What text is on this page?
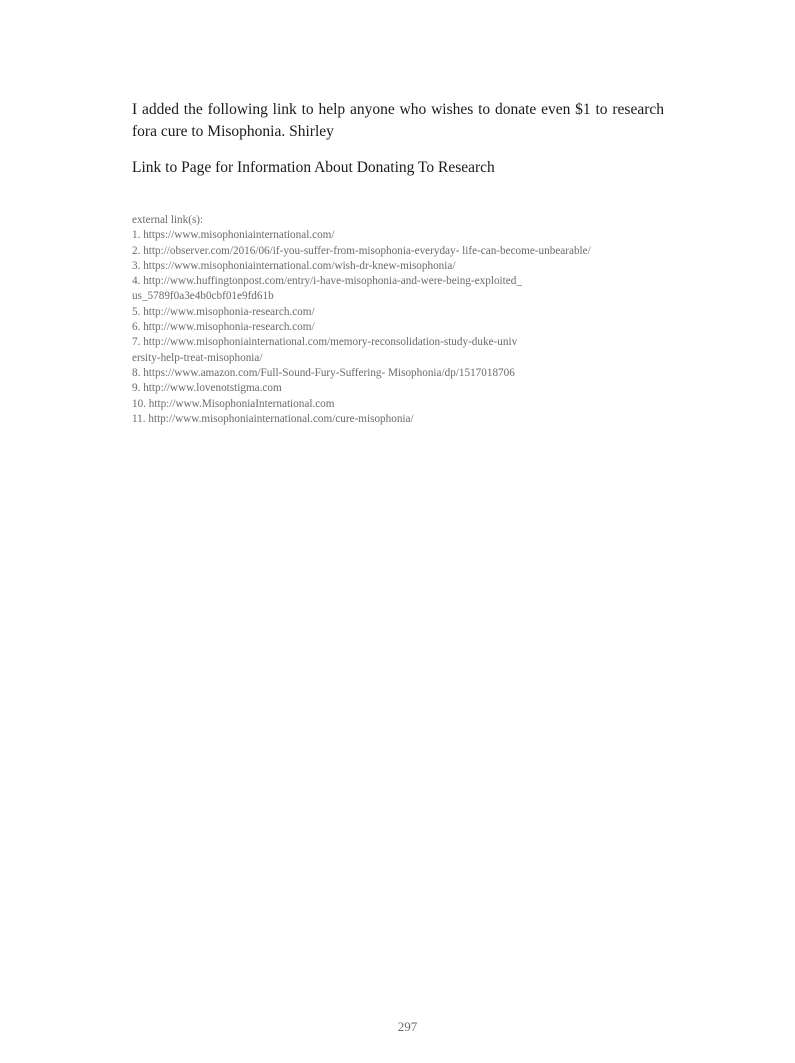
I added the following link to help anyone who wishes to donate even $1 to research fora cure to Misophonia. Shirley

Link to Page for Information About Donating To Research

external link(s):

1. https://www.misophoniainternational.com/
2. http://observer.com/2016/06/if-you-suffer-from-misophonia-everyday- life-can-become-unbearable/
3. https://www.misophoniainternational.com/wish-dr-knew-misophonia/
4. http://www.huffingtonpost.com/entry/i-have-misophonia-and-were-being-exploited_us_5789f0a3e4b0cbf01e9fd61b
5. http://www.misophonia-research.com/
6. http://www.misophonia-research.com/
7. http://www.misophoniainternational.com/memory-reconsolidation-study-duke-university-help-treat-misophonia/
8. https://www.amazon.com/Full-Sound-Fury-Suffering- Misophonia/dp/1517018706
9. http://www.lovenotstigma.com
10. http://www.MisophoniaInternational.com
11. http://www.misophoniainternational.com/cure-misophonia/
297
